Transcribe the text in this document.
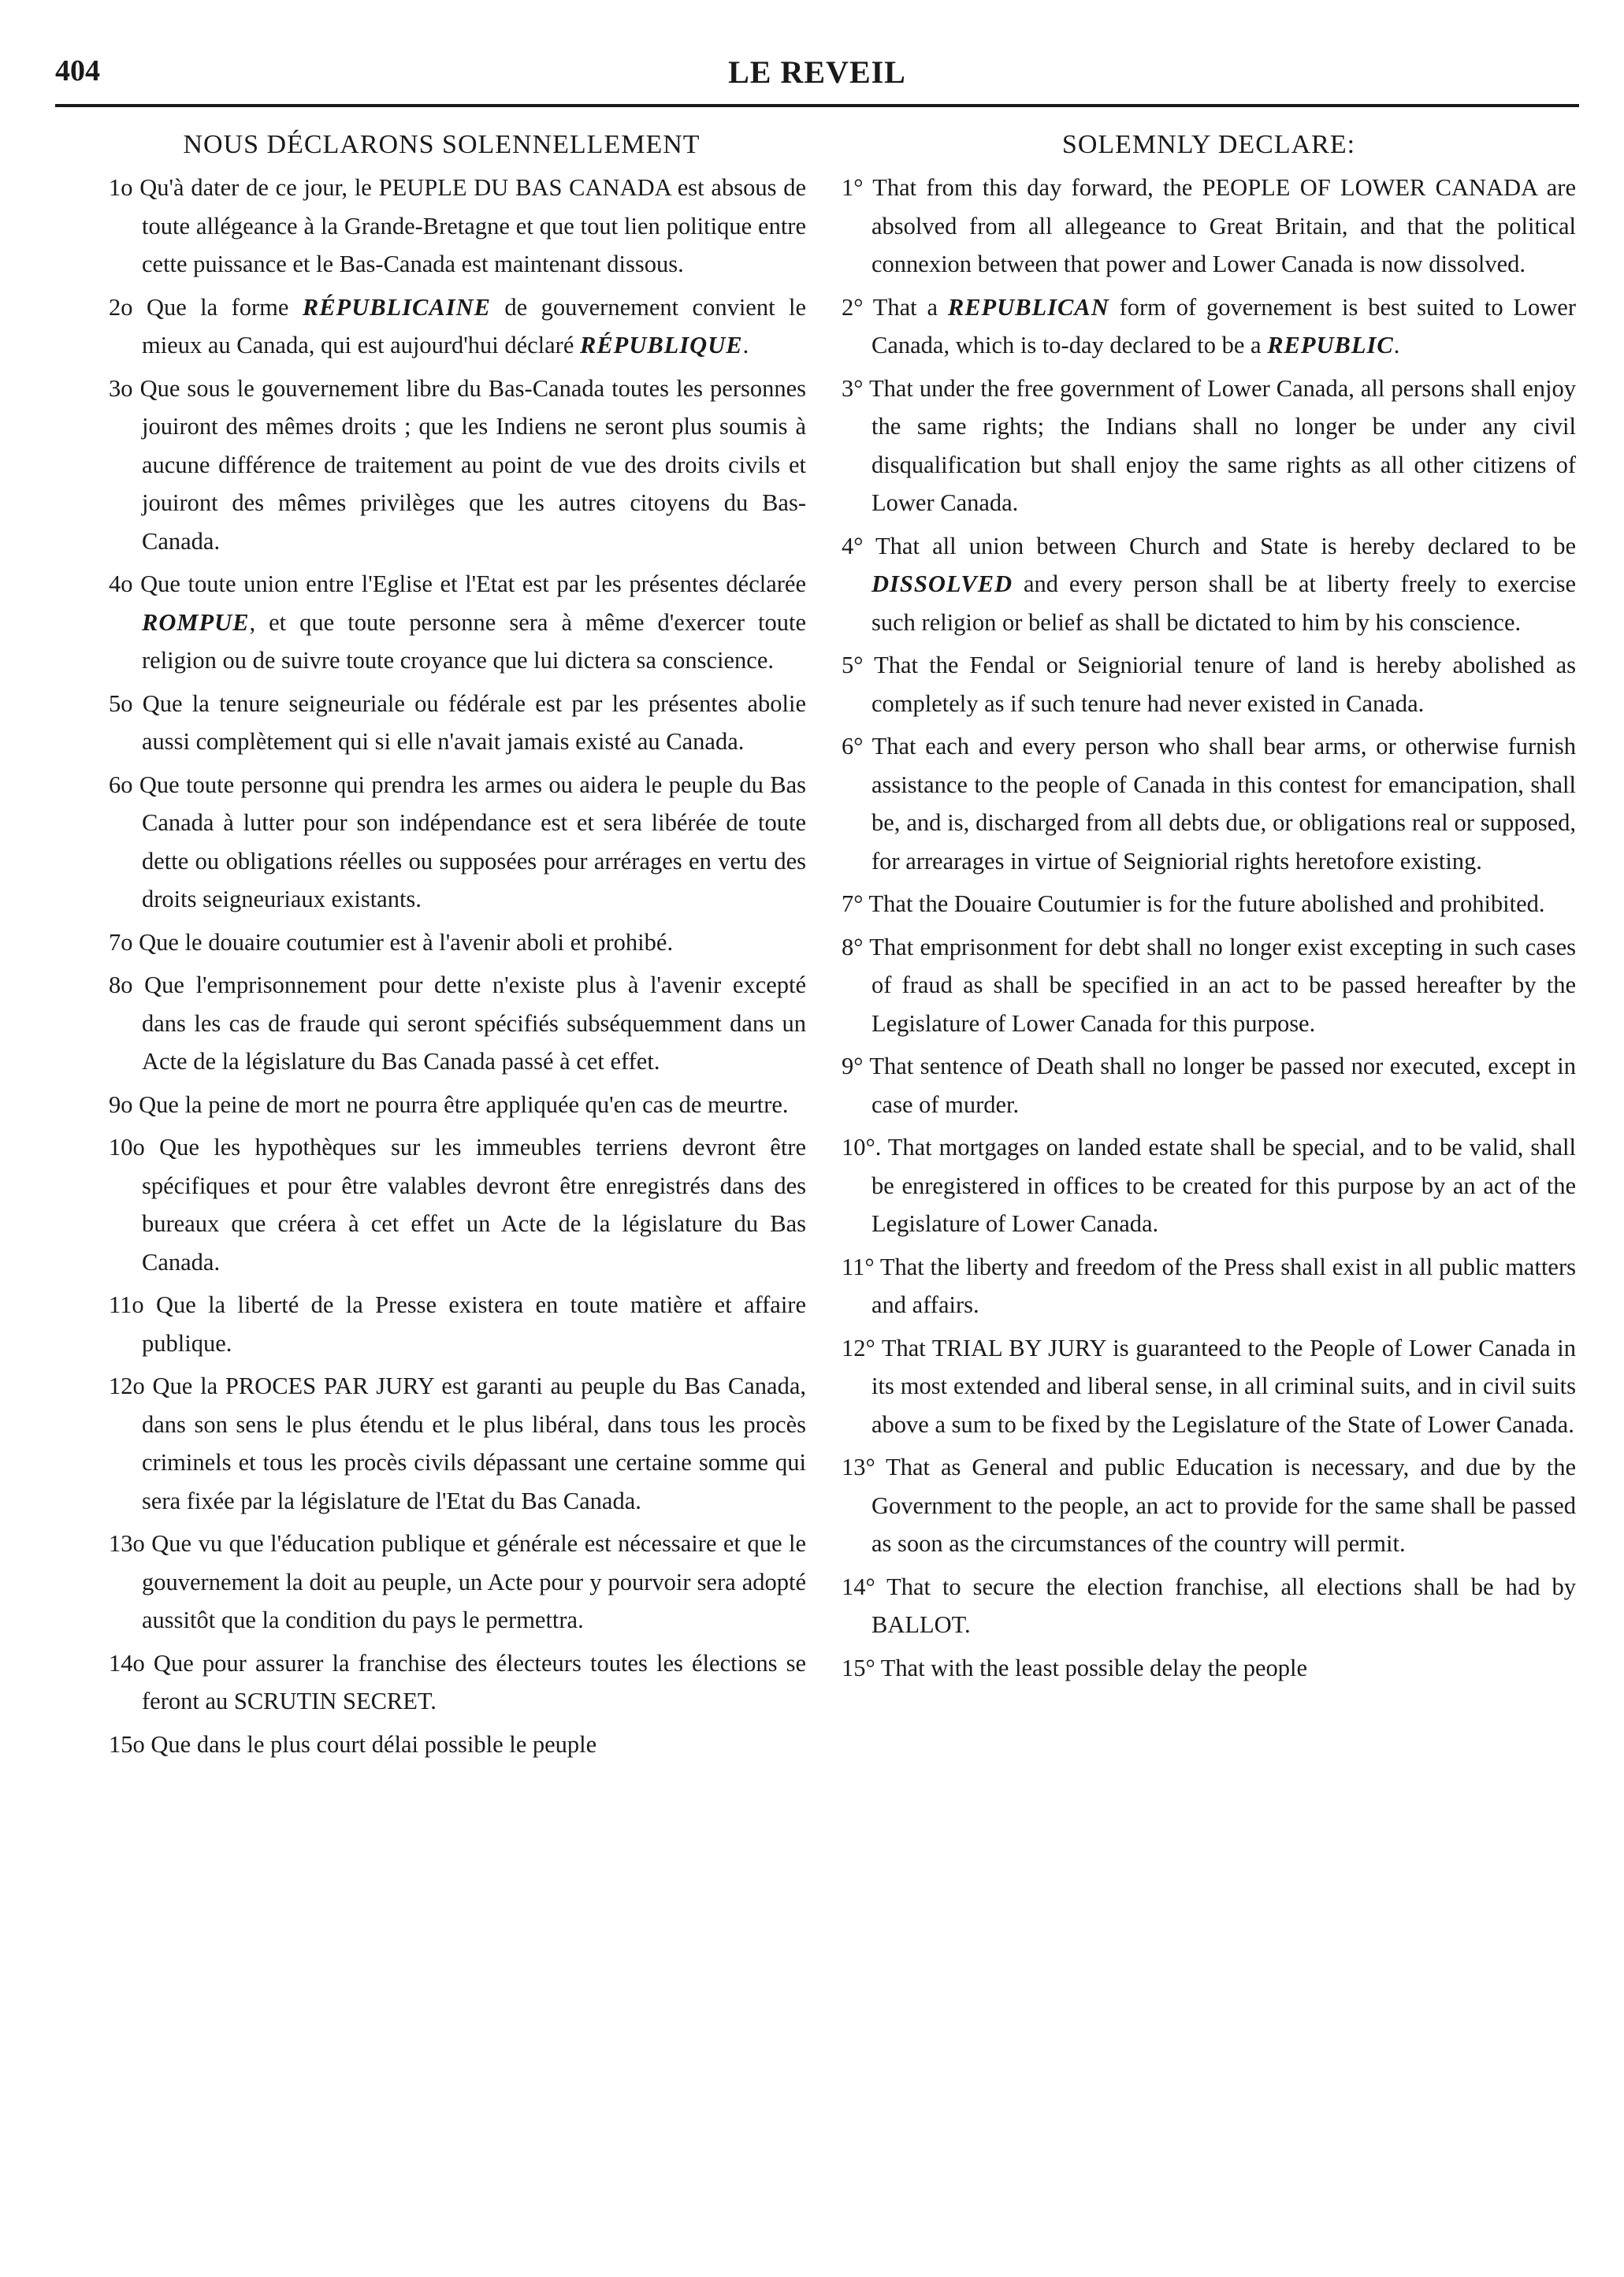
404	LE REVEIL
NOUS DÉCLARONS SOLENNELLEMENT

1o Qu'à dater de ce jour, le PEUPLE DU BAS CANADA est absous de toute allégeance à la Grande-Bretagne et que tout lien politique entre cette puissance et le Bas-Canada est maintenant dissous.

2o Que la forme RÉPUBLICAINE de gouvernement convient le mieux au Canada, qui est aujourd'hui déclaré RÉPUBLIQUE.

3o Que sous le gouvernement libre du Bas-Canada toutes les personnes jouiront des mêmes droits ; que les Indiens ne seront plus soumis à aucune différence de traitement au point de vue des droits civils et jouiront des mêmes privilèges que les autres citoyens du Bas-Canada.

4o Que toute union entre l'Eglise et l'Etat est par les présentes déclarée ROMPUE, et que toute personne sera à même d'exercer toute religion ou de suivre toute croyance que lui dictera sa conscience.

5o Que la tenure seigneuriale ou fédérale est par les présentes abolie aussi complètement qui si elle n'avait jamais existé au Canada.

6o Que toute personne qui prendra les armes ou aidera le peuple du Bas Canada à lutter pour son indépendance est et sera libérée de toute dette ou obligations réelles ou supposées pour arrérages en vertu des droits seigneuriaux existants.

7o Que le douaire coutumier est à l'avenir aboli et prohibé.

8o Que l'emprisonnement pour dette n'existe plus à l'avenir excepté dans les cas de fraude qui seront spécifiés subséquemment dans un Acte de la législature du Bas Canada passé à cet effet.

9o Que la peine de mort ne pourra être appliquée qu'en cas de meurtre.

10o Que les hypothèques sur les immeubles terriens devront être spécifiques et pour être valables devront être enregistrés dans des bureaux que créera à cet effet un Acte de la législature du Bas Canada.

11o Que la liberté de la Presse existera en toute matière et affaire publique.

12o Que la PROCES PAR JURY est garanti au peuple du Bas Canada, dans son sens le plus étendu et le plus libéral, dans tous les procès criminels et tous les procès civils dépassant une certaine somme qui sera fixée par la législature de l'Etat du Bas Canada.

13o Que vu que l'éducation publique et générale est nécessaire et que le gouvernement la doit au peuple, un Acte pour y pourvoir sera adopté aussitôt que la condition du pays le permettra.

14o Que pour assurer la franchise des électeurs toutes les élections se feront au SCRUTIN SECRET.

15o Que dans le plus court délai possible le peuple

SOLEMNLY DECLARE:

1° That from this day forward, the PEOPLE OF LOWER CANADA are absolved from all allegeance to Great Britain, and that the political connexion between that power and Lower Canada is now dissolved.

2° That a REPUBLICAN form of governement is best suited to Lower Canada, which is to-day declared to be a REPUBLIC.

3° That under the free government of Lower Canada, all persons shall enjoy the same rights; the Indians shall no longer be under any civil disqualification but shall enjoy the same rights as all other citizens of Lower Canada.

4° That all union between Church and State is hereby declared to be DISSOLVED and every person shall be at liberty freely to exercise such religion or belief as shall be dictated to him by his conscience.

5° That the Fendal or Seigniorial tenure of land is hereby abolished as completely as if such tenure had never existed in Canada.

6° That each and every person who shall bear arms, or otherwise furnish assistance to the people of Canada in this contest for emancipation, shall be, and is, discharged from all debts due, or obligations real or supposed, for arrearages in virtue of Seigniorial rights heretofore existing.

7° That the Douaire Coutumier is for the future abolished and prohibited.

8° That emprisonment for debt shall no longer exist excepting in such cases of fraud as shall be specified in an act to be passed hereafter by the Legislature of Lower Canada for this purpose.

9° That sentence of Death shall no longer be passed nor executed, except in case of murder.

10°. That mortgages on landed estate shall be special, and to be valid, shall be enregistered in offices to be created for this purpose by an act of the Legislature of Lower Canada.

11° That the liberty and freedom of the Press shall exist in all public matters and affairs.

12° That TRIAL BY JURY is guaranteed to the People of Lower Canada in its most extended and liberal sense, in all criminal suits, and in civil suits above a sum to be fixed by the Legislature of the State of Lower Canada.

13° That as General and public Education is necessary, and due by the Government to the people, an act to provide for the same shall be passed as soon as the circumstances of the country will permit.

14° That to secure the election franchise, all elections shall be had by BALLOT.

15° That with the least possible delay the people
